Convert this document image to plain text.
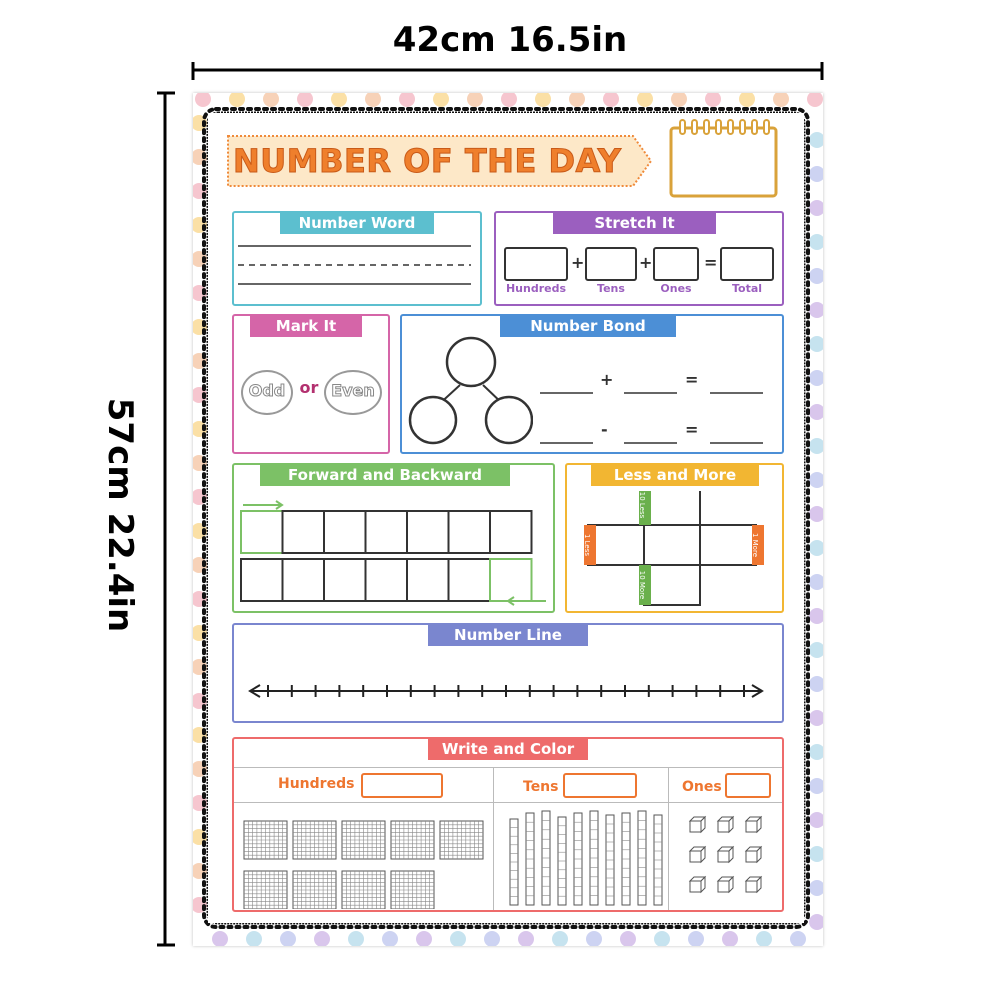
42cm 16.5in
57cm 22.4in
NUMBER OF THE DAY
Number Word	Stretch It
+	+	=
Hundreds	Tens	Ones	Total
Mark It
Odd or Even
Number Bond
+	=
-	=
Forward and Backward	Less and More
10 Less
10 More
1 Less	1 More
Number Line
Write and Color
Hundreds	Tens	Ones
